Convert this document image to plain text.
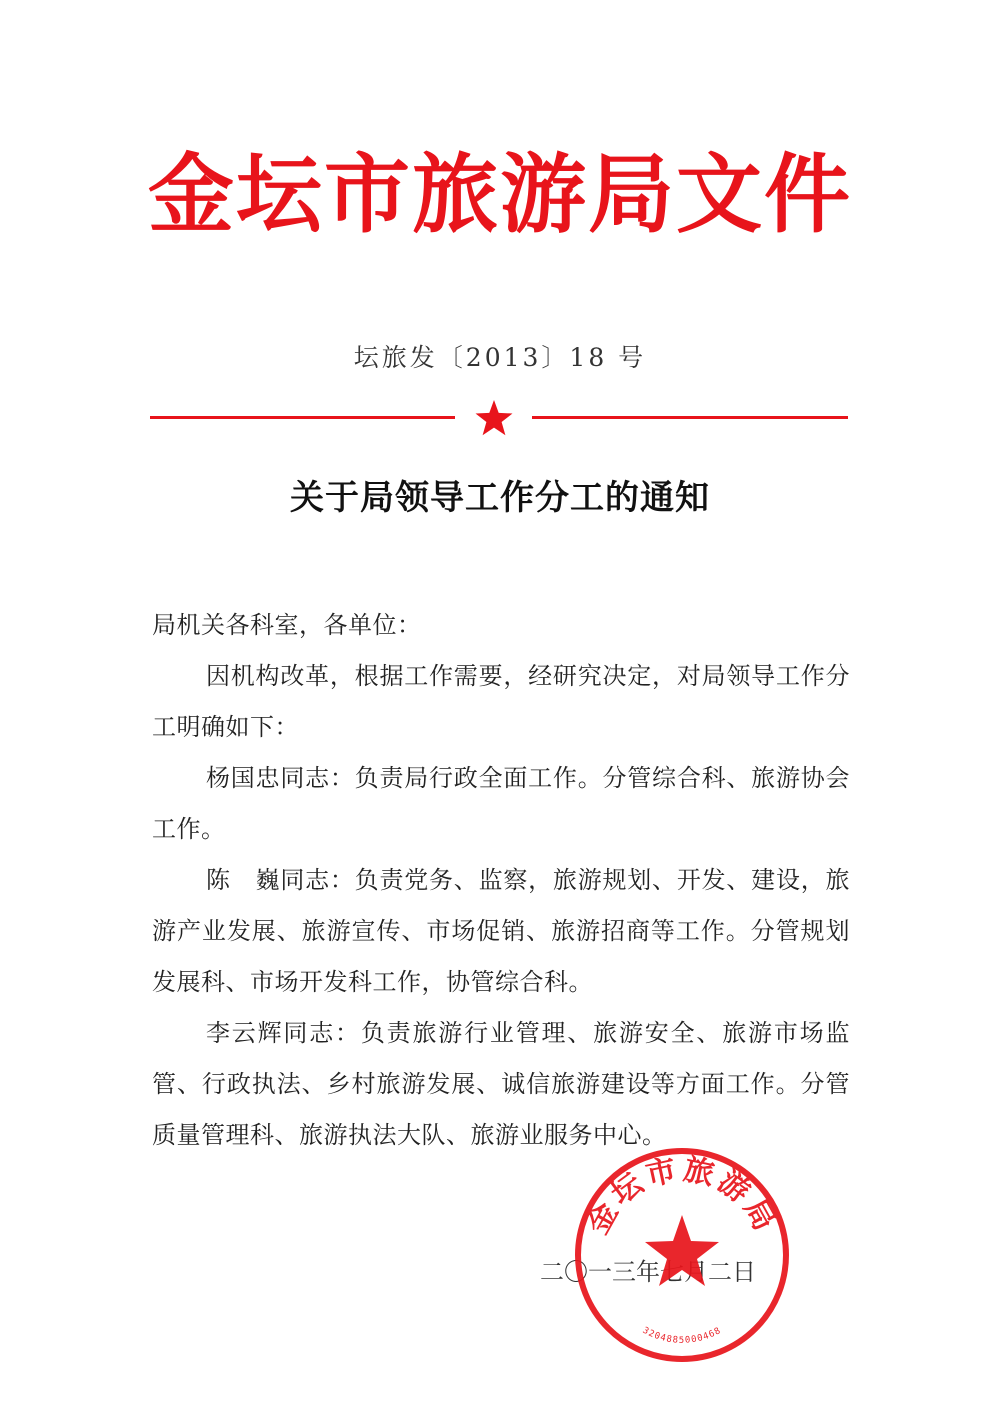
金坛市旅游局文件
坛旅发〔2013〕18 号
关于局领导工作分工的通知

局机关各科室，各单位：

因机构改革，根据工作需要，经研究决定，对局领导工作分工明确如下：

杨国忠同志：负责局行政全面工作。分管综合科、旅游协会工作。

陈　巍同志：负责党务、监察，旅游规划、开发、建设，旅游产业发展、旅游宣传、市场促销、旅游招商等工作。分管规划发展科、市场开发科工作，协管综合科。

李云辉同志：负责旅游行业管理、旅游安全、旅游市场监管、行政执法、乡村旅游发展、诚信旅游建设等方面工作。分管质量管理科、旅游执法大队、旅游业服务中心。

二〇一三年七月二日
金坛市旅游局
3204885000468
